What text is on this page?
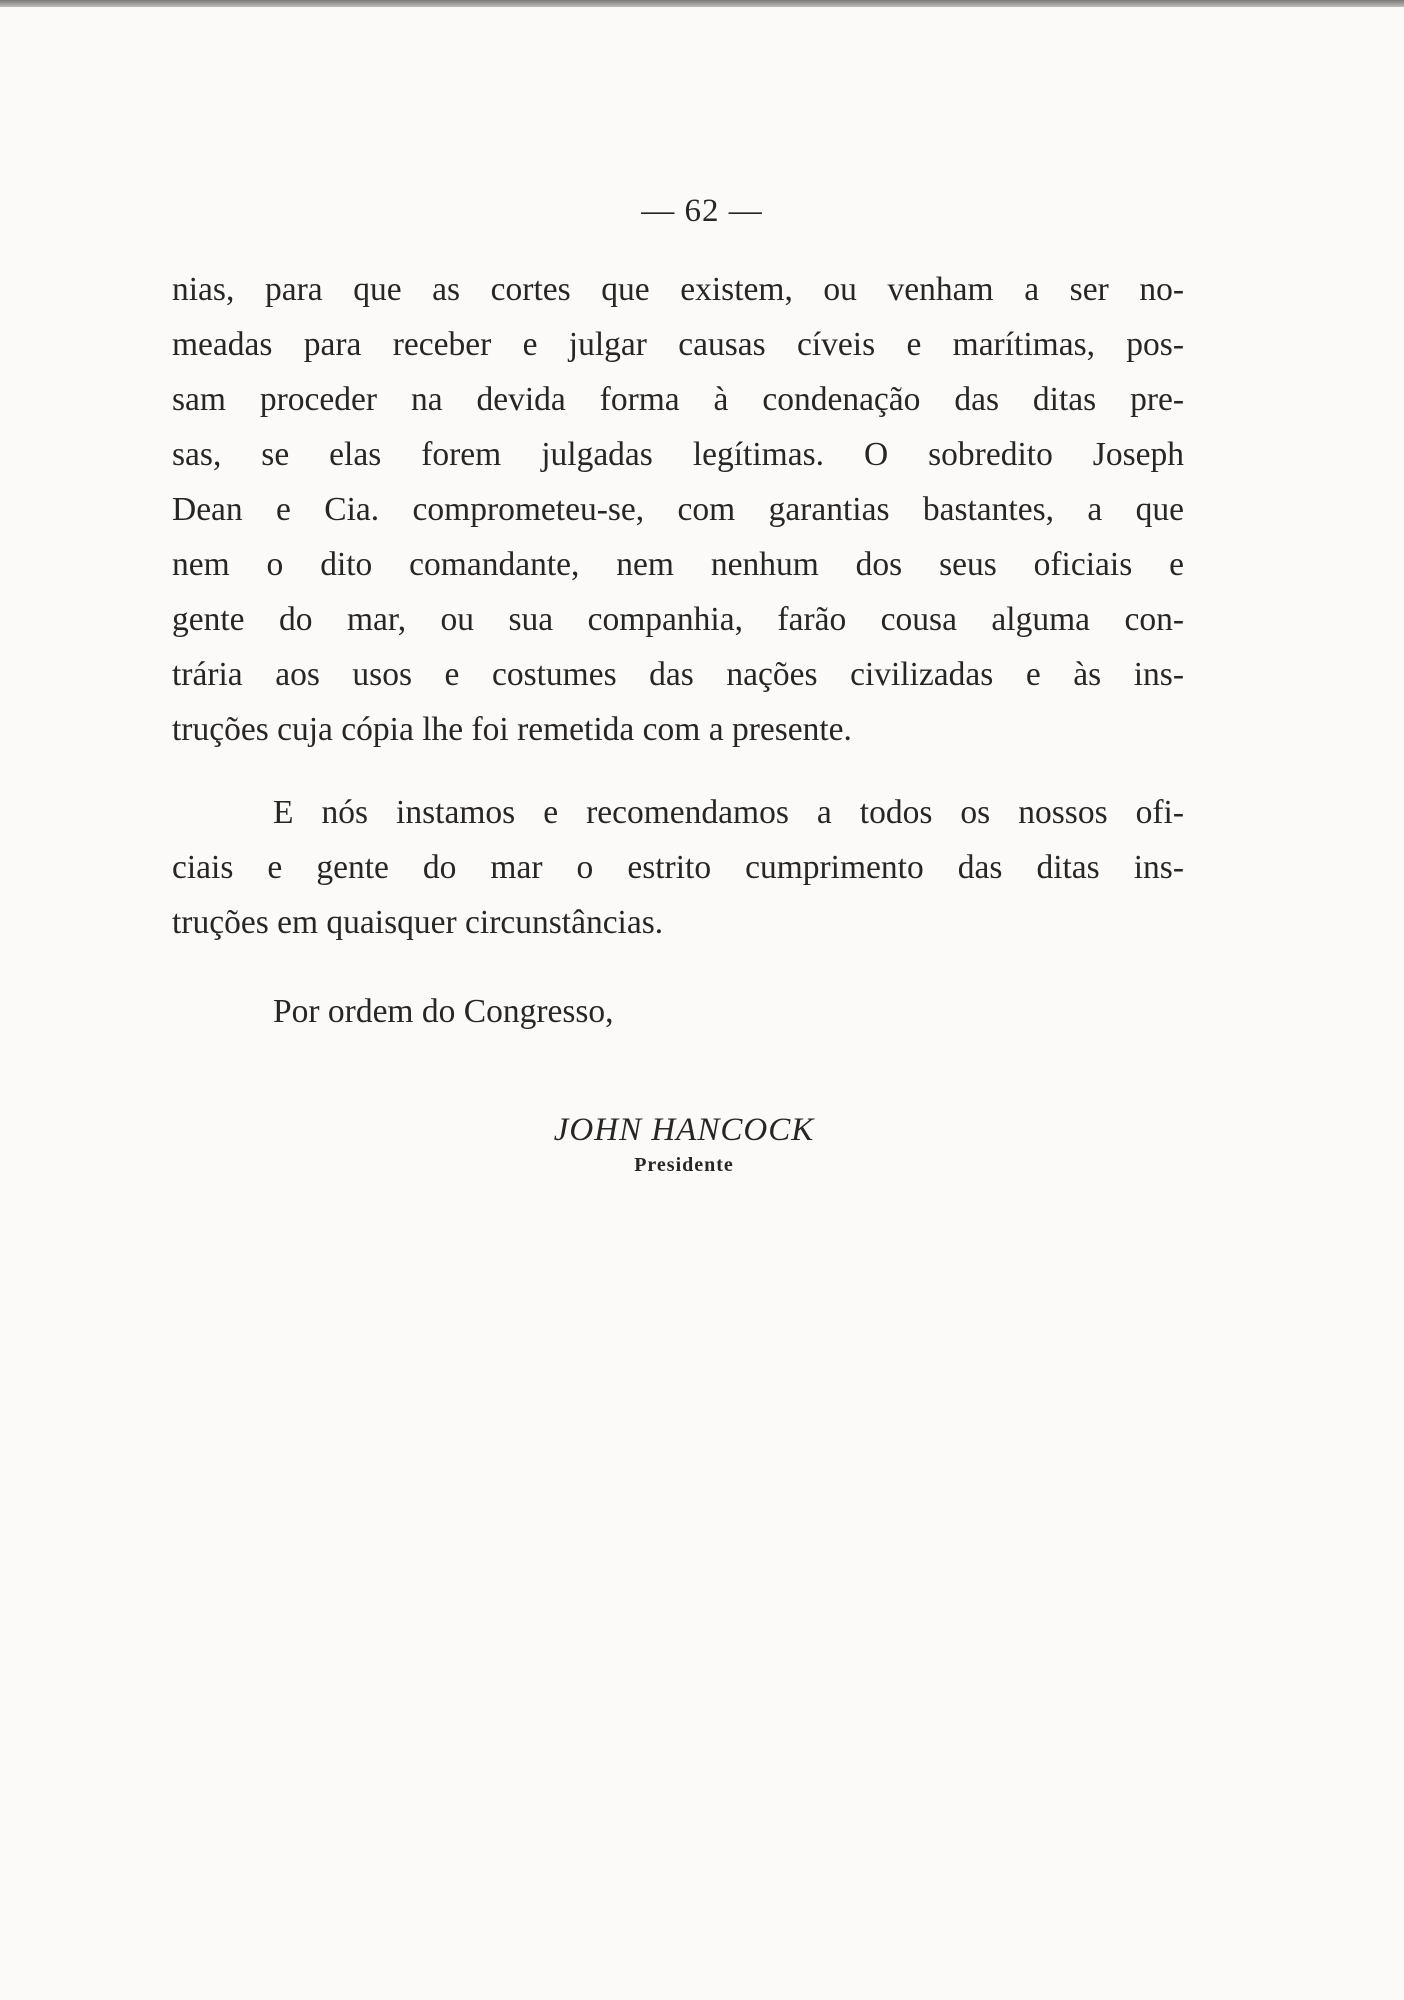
— 62 —
nias, para que as cortes que existem, ou venham a ser no-
meadas para receber e julgar causas cíveis e marítimas, pos-
sam proceder na devida forma à condenação das ditas pre-
sas, se elas forem julgadas legítimas. O sobredito Joseph
Dean e Cia. comprometeu-se, com garantias bastantes, a que
nem o dito comandante, nem nenhum dos seus oficiais e
gente do mar, ou sua companhia, farão cousa alguma con-
trária aos usos e costumes das nações civilizadas e às ins-
truções cuja cópia lhe foi remetida com a presente.
E nós instamos e recomendamos a todos os nossos ofi-
ciais e gente do mar o estrito cumprimento das ditas ins-
truções em quaisquer circunstâncias.
Por ordem do Congresso,
JOHN HANCOCK
Presidente
